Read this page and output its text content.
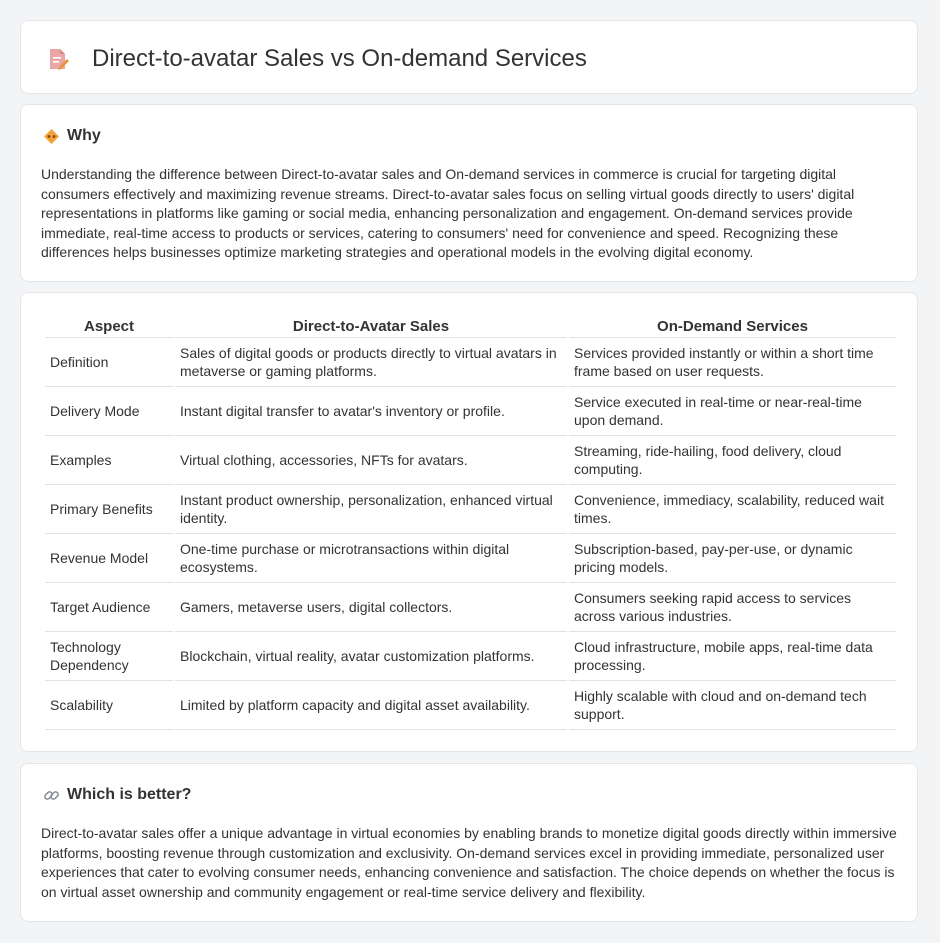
Direct-to-avatar Sales vs On-demand Services
Why

Understanding the difference between Direct-to-avatar sales and On-demand services in commerce is crucial for targeting digital consumers effectively and maximizing revenue streams. Direct-to-avatar sales focus on selling virtual goods directly to users' digital representations in platforms like gaming or social media, enhancing personalization and engagement. On-demand services provide immediate, real-time access to products or services, catering to consumers' need for convenience and speed. Recognizing these differences helps businesses optimize marketing strategies and operational models in the evolving digital economy.

Aspect	Direct-to-Avatar Sales	On-Demand Services
Definition	Sales of digital goods or products directly to virtual avatars in metaverse or gaming platforms.	Services provided instantly or within a short time frame based on user requests.
Delivery Mode	Instant digital transfer to avatar's inventory or profile.	Service executed in real-time or near-real-time upon demand.
Examples	Virtual clothing, accessories, NFTs for avatars.	Streaming, ride-hailing, food delivery, cloud computing.
Primary Benefits	Instant product ownership, personalization, enhanced virtual identity.	Convenience, immediacy, scalability, reduced wait times.
Revenue Model	One-time purchase or microtransactions within digital ecosystems.	Subscription-based, pay-per-use, or dynamic pricing models.
Target Audience	Gamers, metaverse users, digital collectors.	Consumers seeking rapid access to services across various industries.
Technology Dependency	Blockchain, virtual reality, avatar customization platforms.	Cloud infrastructure, mobile apps, real-time data processing.
Scalability	Limited by platform capacity and digital asset availability.	Highly scalable with cloud and on-demand tech support.
Which is better?

Direct-to-avatar sales offer a unique advantage in virtual economies by enabling brands to monetize digital goods directly within immersive platforms, boosting revenue through customization and exclusivity. On-demand services excel in providing immediate, personalized user experiences that cater to evolving consumer needs, enhancing convenience and satisfaction. The choice depends on whether the focus is on virtual asset ownership and community engagement or real-time service delivery and flexibility.
